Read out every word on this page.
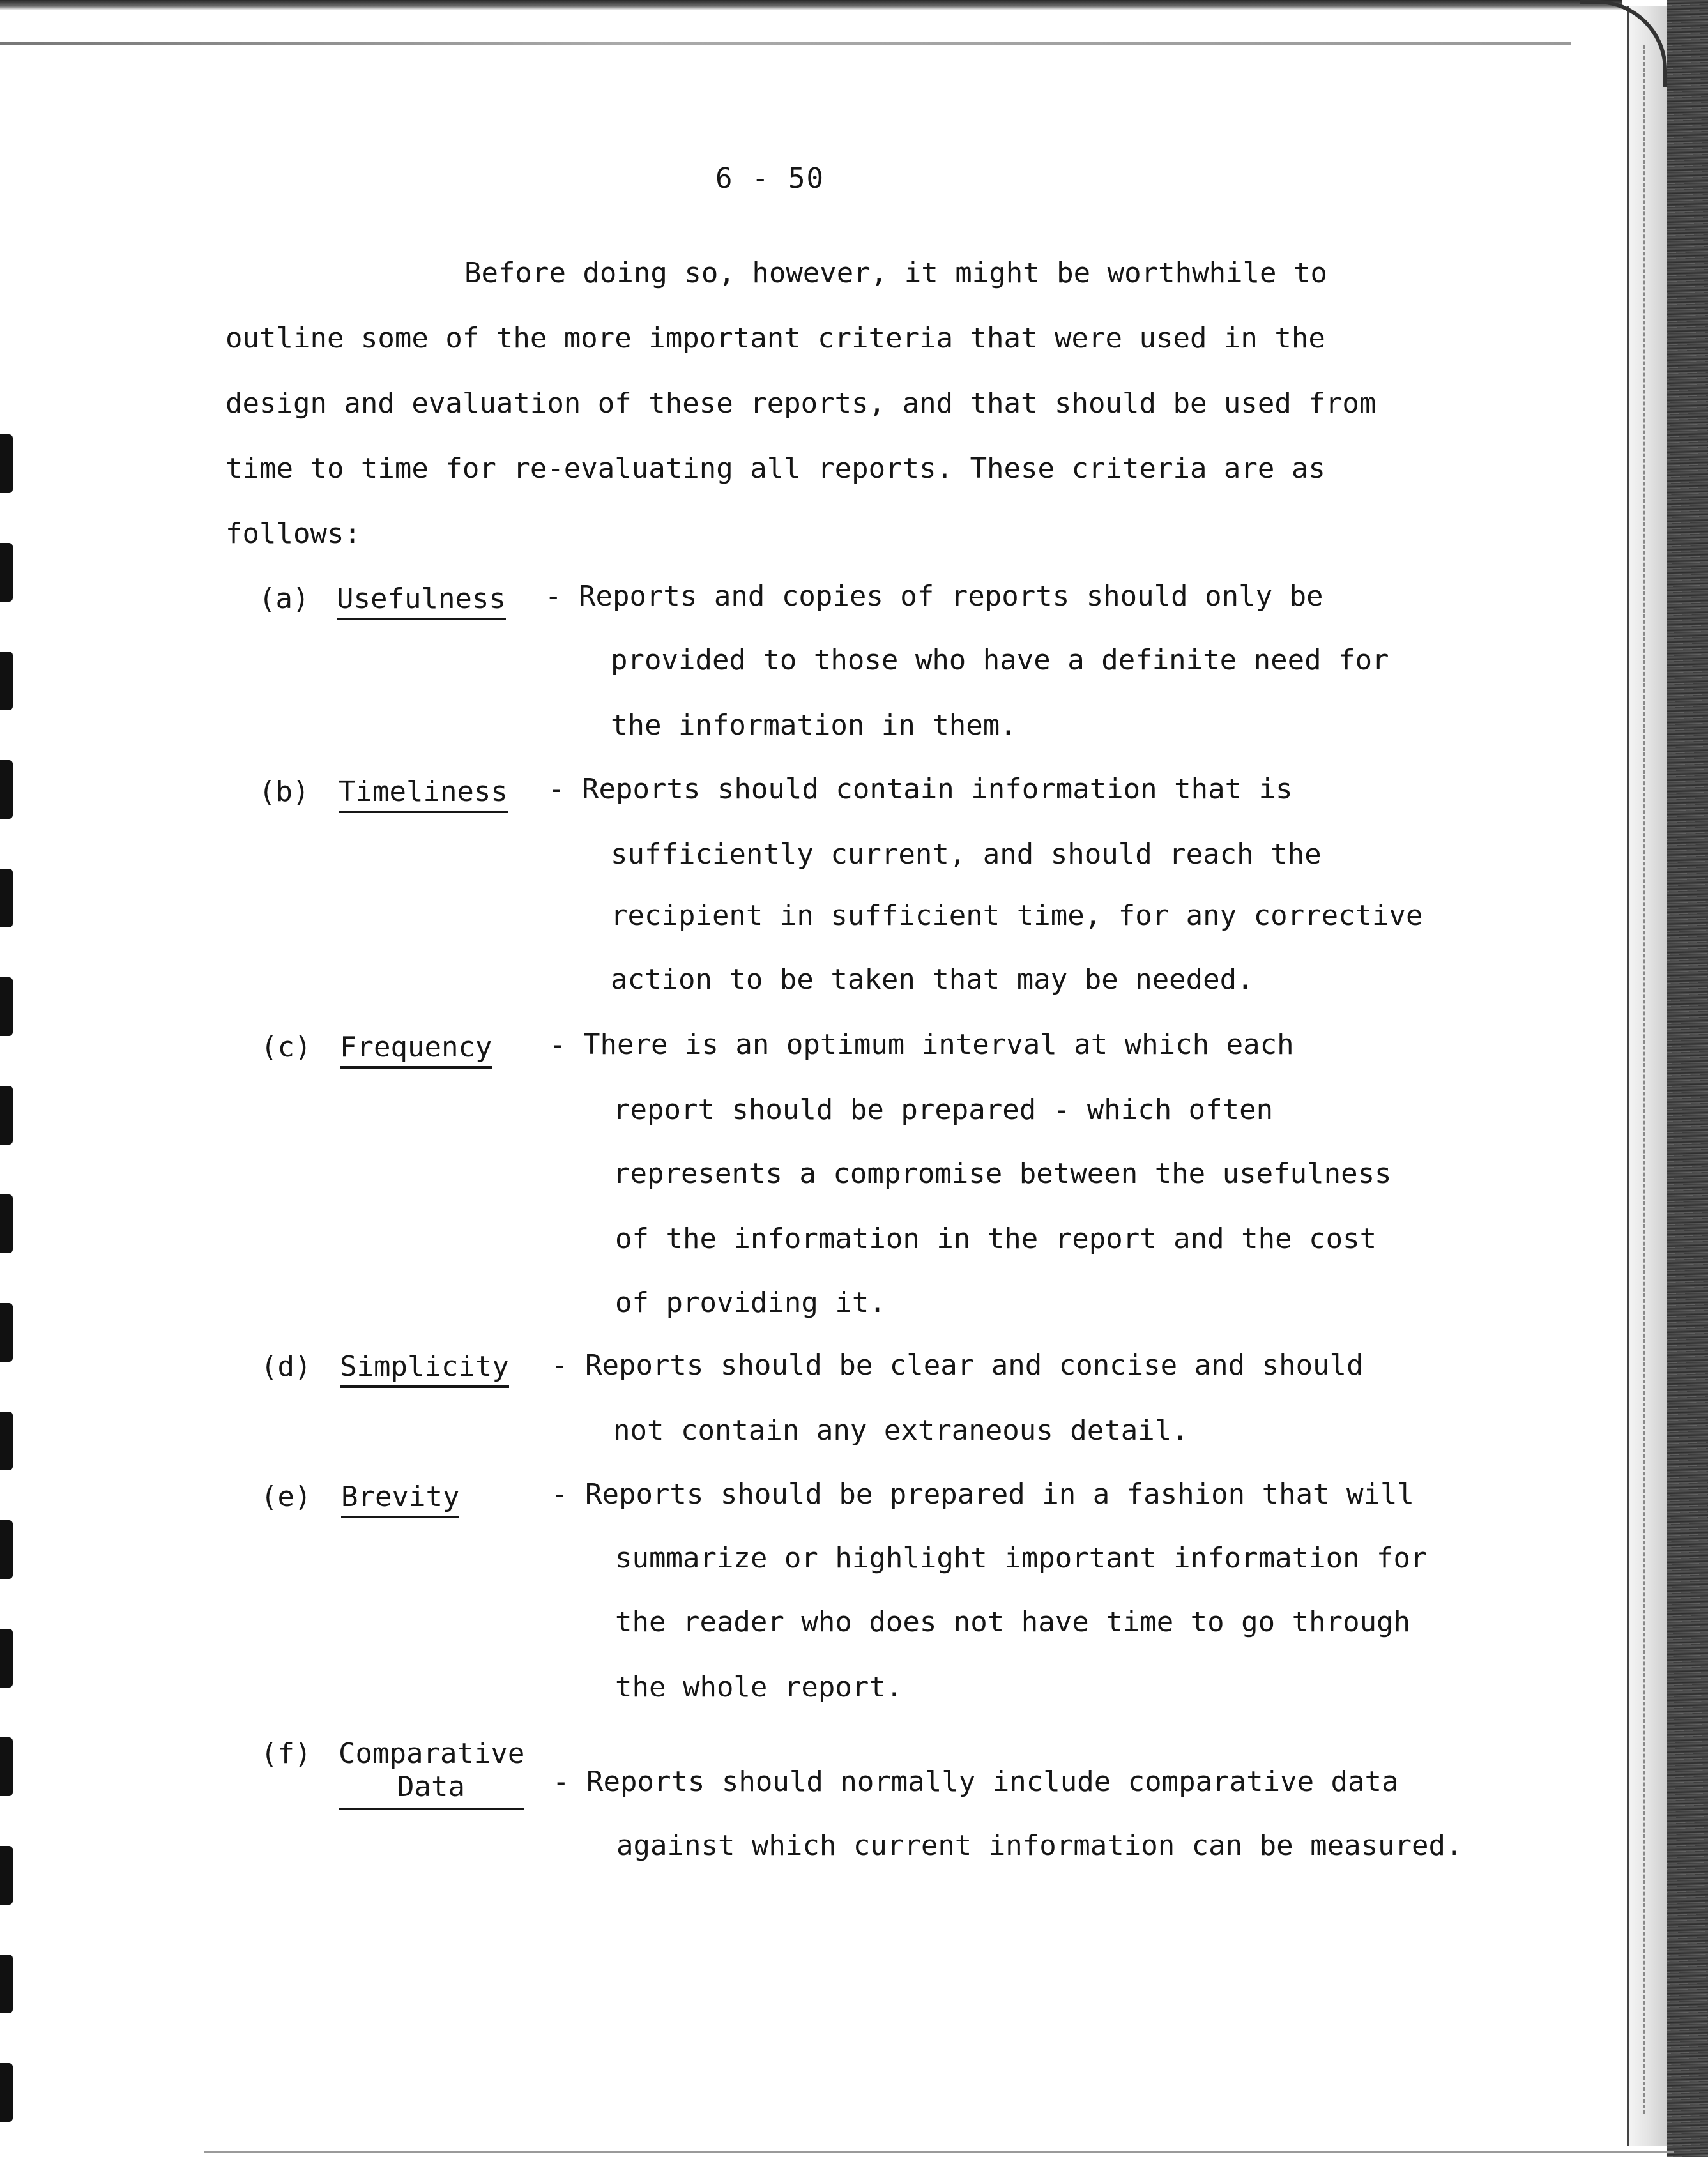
6 - 50
Before doing so, however, it might be worthwhile to
outline some of the more important criteria that were used in the
design and evaluation of these reports, and that should be used from
time to time for re-evaluating all reports. These criteria are as
follows:
(a) Usefulness - Reports and copies of reports should only be
provided to those who have a definite need for
the information in them.
(b) Timeliness - Reports should contain information that is
sufficiently current, and should reach the
recipient in sufficient time, for any corrective
action to be taken that may be needed.
(c) Frequency - There is an optimum interval at which each
report should be prepared - which often
represents a compromise between the usefulness
of the information in the report and the cost
of providing it.
(d) Simplicity - Reports should be clear and concise and should
not contain any extraneous detail.
(e) Brevity	- Reports should be prepared in a fashion that will
summarize or highlight important information for
the reader who does not have time to go through
the whole report.
(f) Comparative
Data	- Reports should normally include comparative data
against which current information can be measured.
